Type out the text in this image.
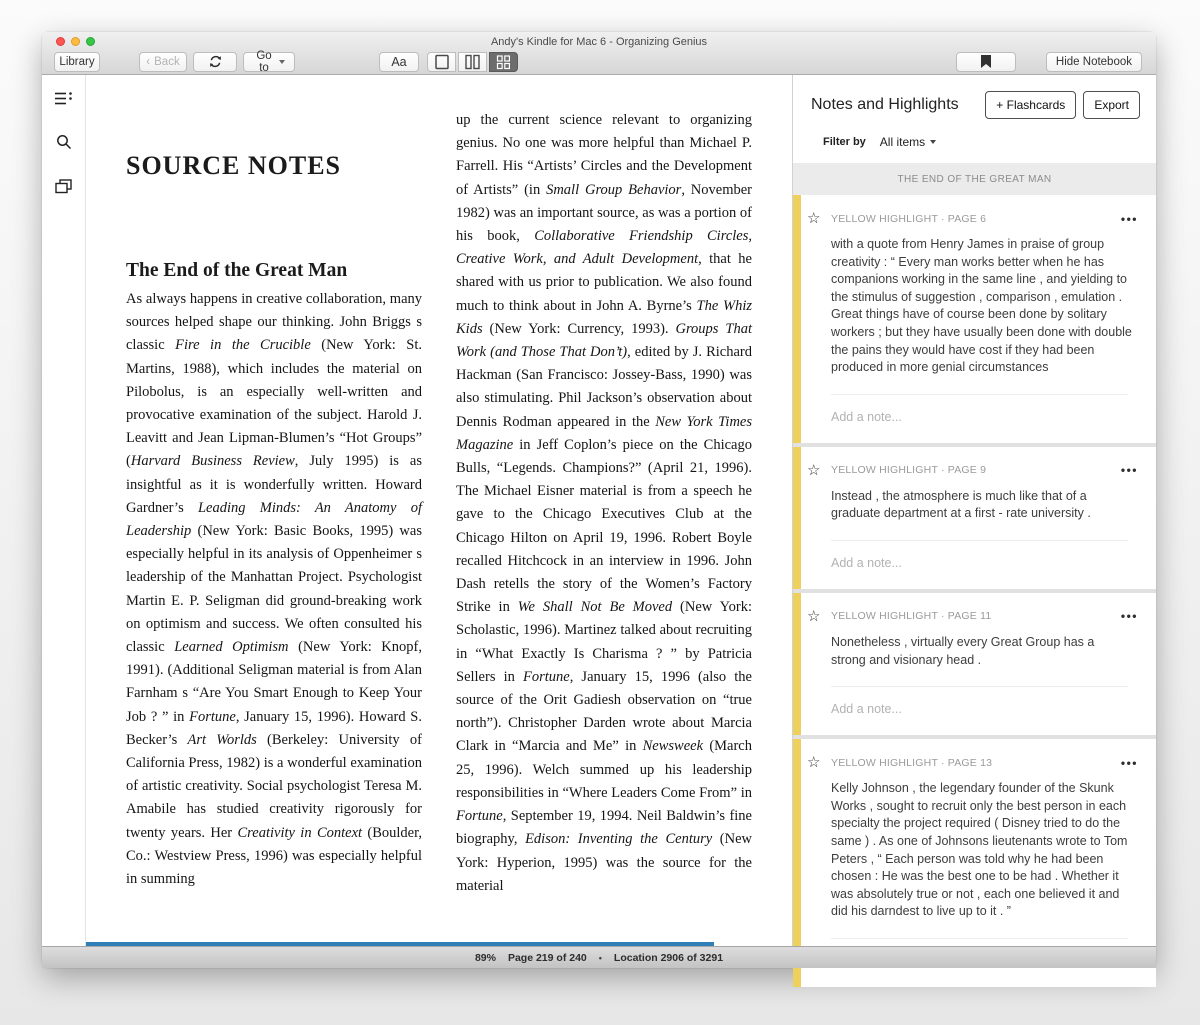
Andy's Kindle for Mac 6 - Organizing Genius
Library	‹ Back	Go to	Aa	Hide Notebook
SOURCE NOTES
The End of the Great Man
As always happens in creative collaboration, many sources helped shape our thinking. John Briggs s classic Fire in the Crucible (New York: St. Martins, 1988), which includes the material on Pilobolus, is an especially well-written and provocative examination of the subject. Harold J. Leavitt and Jean Lipman-Blumen’s “Hot Groups” (Harvard Business Review, July 1995) is as insightful as it is wonderfully written. Howard Gardner’s Leading Minds: An Anatomy of Leadership (New York: Basic Books, 1995) was especially helpful in its analysis of Oppenheimer s leadership of the Manhattan Project. Psychologist Martin E. P. Seligman did ground-breaking work on optimism and success. We often consulted his classic Learned Optimism (New York: Knopf, 1991). (Additional Seligman material is from Alan Farnham s “Are You Smart Enough to Keep Your Job ? ” in Fortune, January 15, 1996). Howard S. Becker’s Art Worlds (Berkeley: University of California Press, 1982) is a wonderful examination of artistic creativity. Social psychologist Teresa M. Amabile has studied creativity rigorously for twenty years. Her Creativity in Context (Boulder, Co.: Westview Press, 1996) was especially helpful in summing
up the current science relevant to organizing genius. No one was more helpful than Michael P. Farrell. His “Artists’ Circles and the Development of Artists” (in Small Group Behavior, November 1982) was an important source, as was a portion of his book, Collaborative Friendship Circles, Creative Work, and Adult Development, that he shared with us prior to publication. We also found much to think about in John A. Byrne’s The Whiz Kids (New York: Currency, 1993). Groups That Work (and Those That Don’t), edited by J. Richard Hackman (San Francisco: Jossey-Bass, 1990) was also stimulating. Phil Jackson’s observation about Dennis Rodman appeared in the New York Times Magazine in Jeff Coplon’s piece on the Chicago Bulls, “Legends. Champions?” (April 21, 1996). The Michael Eisner material is from a speech he gave to the Chicago Executives Club at the Chicago Hilton on April 19, 1996. Robert Boyle recalled Hitchcock in an interview in 1996. John Dash retells the story of the Women’s Factory Strike in We Shall Not Be Moved (New York: Scholastic, 1996). Martinez talked about recruiting in “What Exactly Is Charisma ? ” by Patricia Sellers in Fortune, January 15, 1996 (also the source of the Orit Gadiesh observation on “true north”). Christopher Darden wrote about Marcia Clark in “Marcia and Me” in Newsweek (March 25, 1996). Welch summed up his leadership responsibilities in “Where Leaders Come From” in Fortune, September 19, 1994. Neil Baldwin’s fine biography, Edison: Inventing the Century (New York: Hyperion, 1995) was the source for the material
Notes and Highlights	+ Flashcards	Export
Filter by All items
THE END OF THE GREAT MAN
☆	YELLOW HIGHLIGHT · PAGE 6	•••
with a quote from Henry James in praise of group creativity : “ Every man works better when he has companions working in the same line , and yielding to the stimulus of suggestion , comparison , emulation . Great things have of course been done by solitary workers ; but they have usually been done with double the pains they would have cost if they had been produced in more genial circumstances
Add a note...
☆	YELLOW HIGHLIGHT · PAGE 9	•••
Instead , the atmosphere is much like that of a graduate department at a first - rate university .
Add a note...
☆	YELLOW HIGHLIGHT · PAGE 11	•••
Nonetheless , virtually every Great Group has a strong and visionary head .
Add a note...
☆	YELLOW HIGHLIGHT · PAGE 13	•••
Kelly Johnson , the legendary founder of the Skunk Works , sought to recruit only the best person in each specialty the project required ( Disney tried to do the same ) . As one of Johnsons lieutenants wrote to Tom Peters , “ Each person was told why he had been chosen : He was the best one to be had . Whether it was absolutely true or not , each one believed it and did his darndest to live up to it . ”
89% Page 219 of 240 • Location 2906 of 3291
